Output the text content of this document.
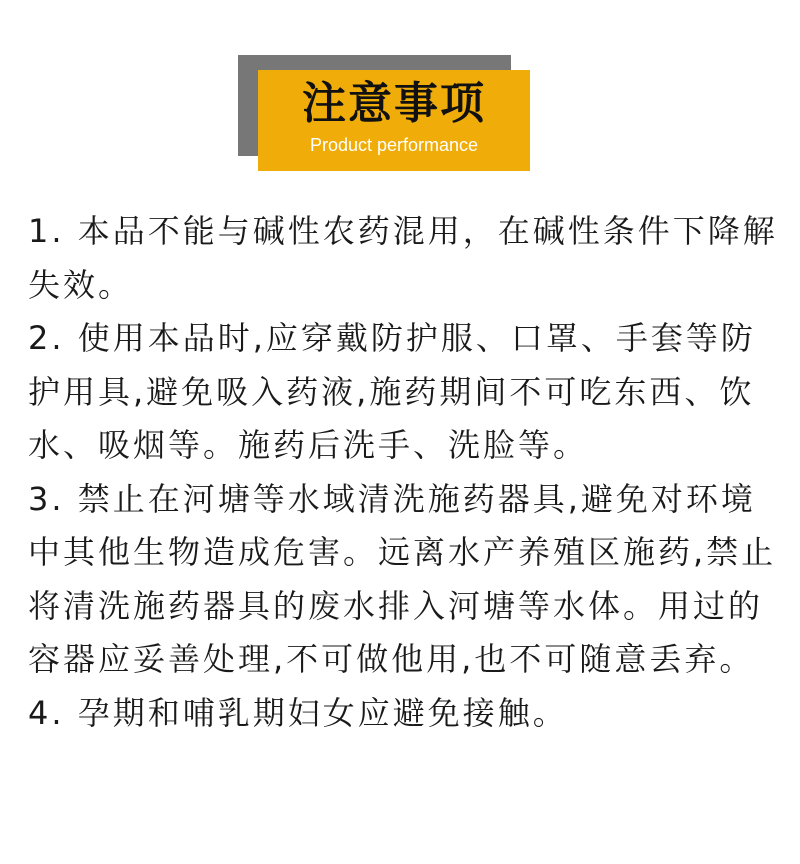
注意事项
Product performance
1. 本品不能与碱性农药混用，在碱性条件下降解失效。
2. 使用本品时,应穿戴防护服、口罩、手套等防护用具,避免吸入药液,施药期间不可吃东西、饮水、吸烟等。施药后洗手、洗脸等。
3. 禁止在河塘等水域清洗施药器具,避免对环境中其他生物造成危害。远离水产养殖区施药,禁止将清洗施药器具的废水排入河塘等水体。用过的容器应妥善处理,不可做他用,也不可随意丢弃。
4. 孕期和哺乳期妇女应避免接触。
